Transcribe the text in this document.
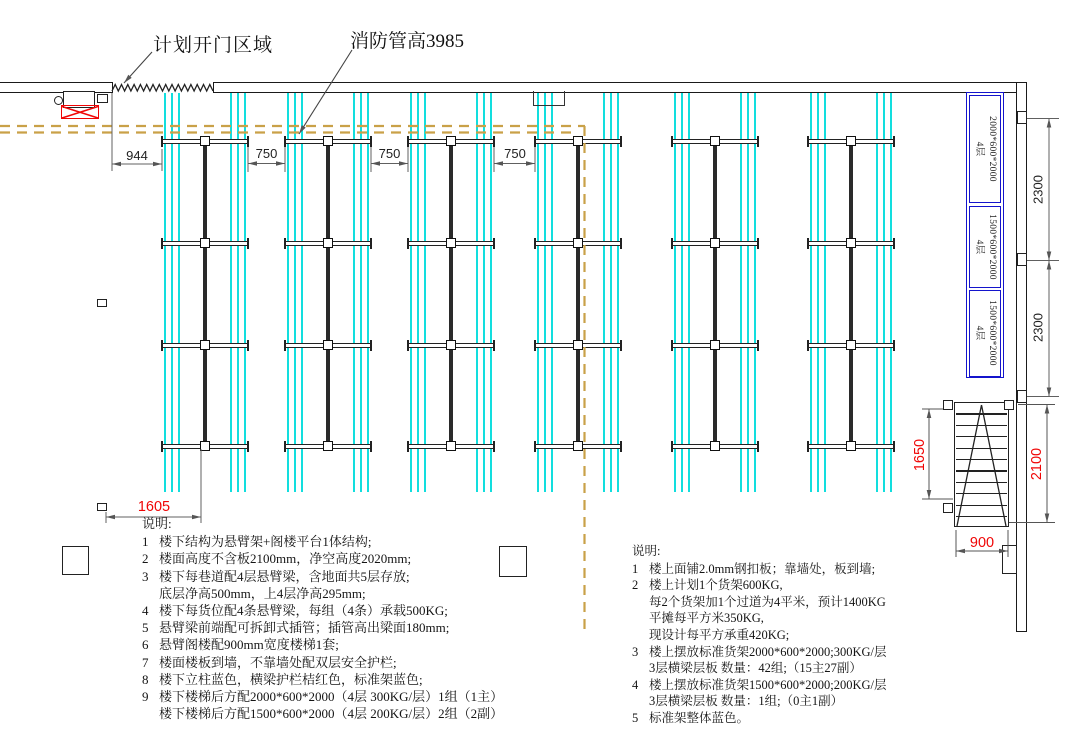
2000*600*2000
4层
1500*600*2000
4层
1500*600*2000
4层
计划开门区域	消防管高3985
944	750	750	750
1605
2300
2300
1650	2100
900
说明:
1 楼下结构为悬臂架+阁楼平台1体结构;
2 楼面高度不含板2100mm，净空高度2020mm;
3 楼下每巷道配4层悬臂梁，含地面共5层存放;
底层净高500mm，上4层净高295mm;
4 楼下每货位配4条悬臂梁，每组（4条）承载500KG;
5 悬臂梁前端配可拆卸式插管；插管高出梁面180mm;
6 悬臂阁楼配900mm宽度楼梯1套;
7 楼面楼板到墙，不靠墙处配双层安全护栏;
8 楼下立柱蓝色，横梁护栏桔红色，标准架蓝色;
9 楼下楼梯后方配2000*600*2000（4层 300KG/层）1组（1主）
楼下楼梯后方配1500*600*2000（4层 200KG/层）2组（2副）
说明:
1 楼上面铺2.0mm钢扣板；靠墙处，板到墙;
2 楼上计划1个货架600KG,
每2个货架加1个过道为4平米，预计1400KG
平摊每平方米350KG,
现设计每平方承重420KG;
3 楼上摆放标准货架2000*600*2000;300KG/层
3层横梁层板 数量：42组;（15主27副）
4 楼上摆放标准货架1500*600*2000;200KG/层
3层横梁层板 数量：1组;（0主1副）
5 标准架整体蓝色。
